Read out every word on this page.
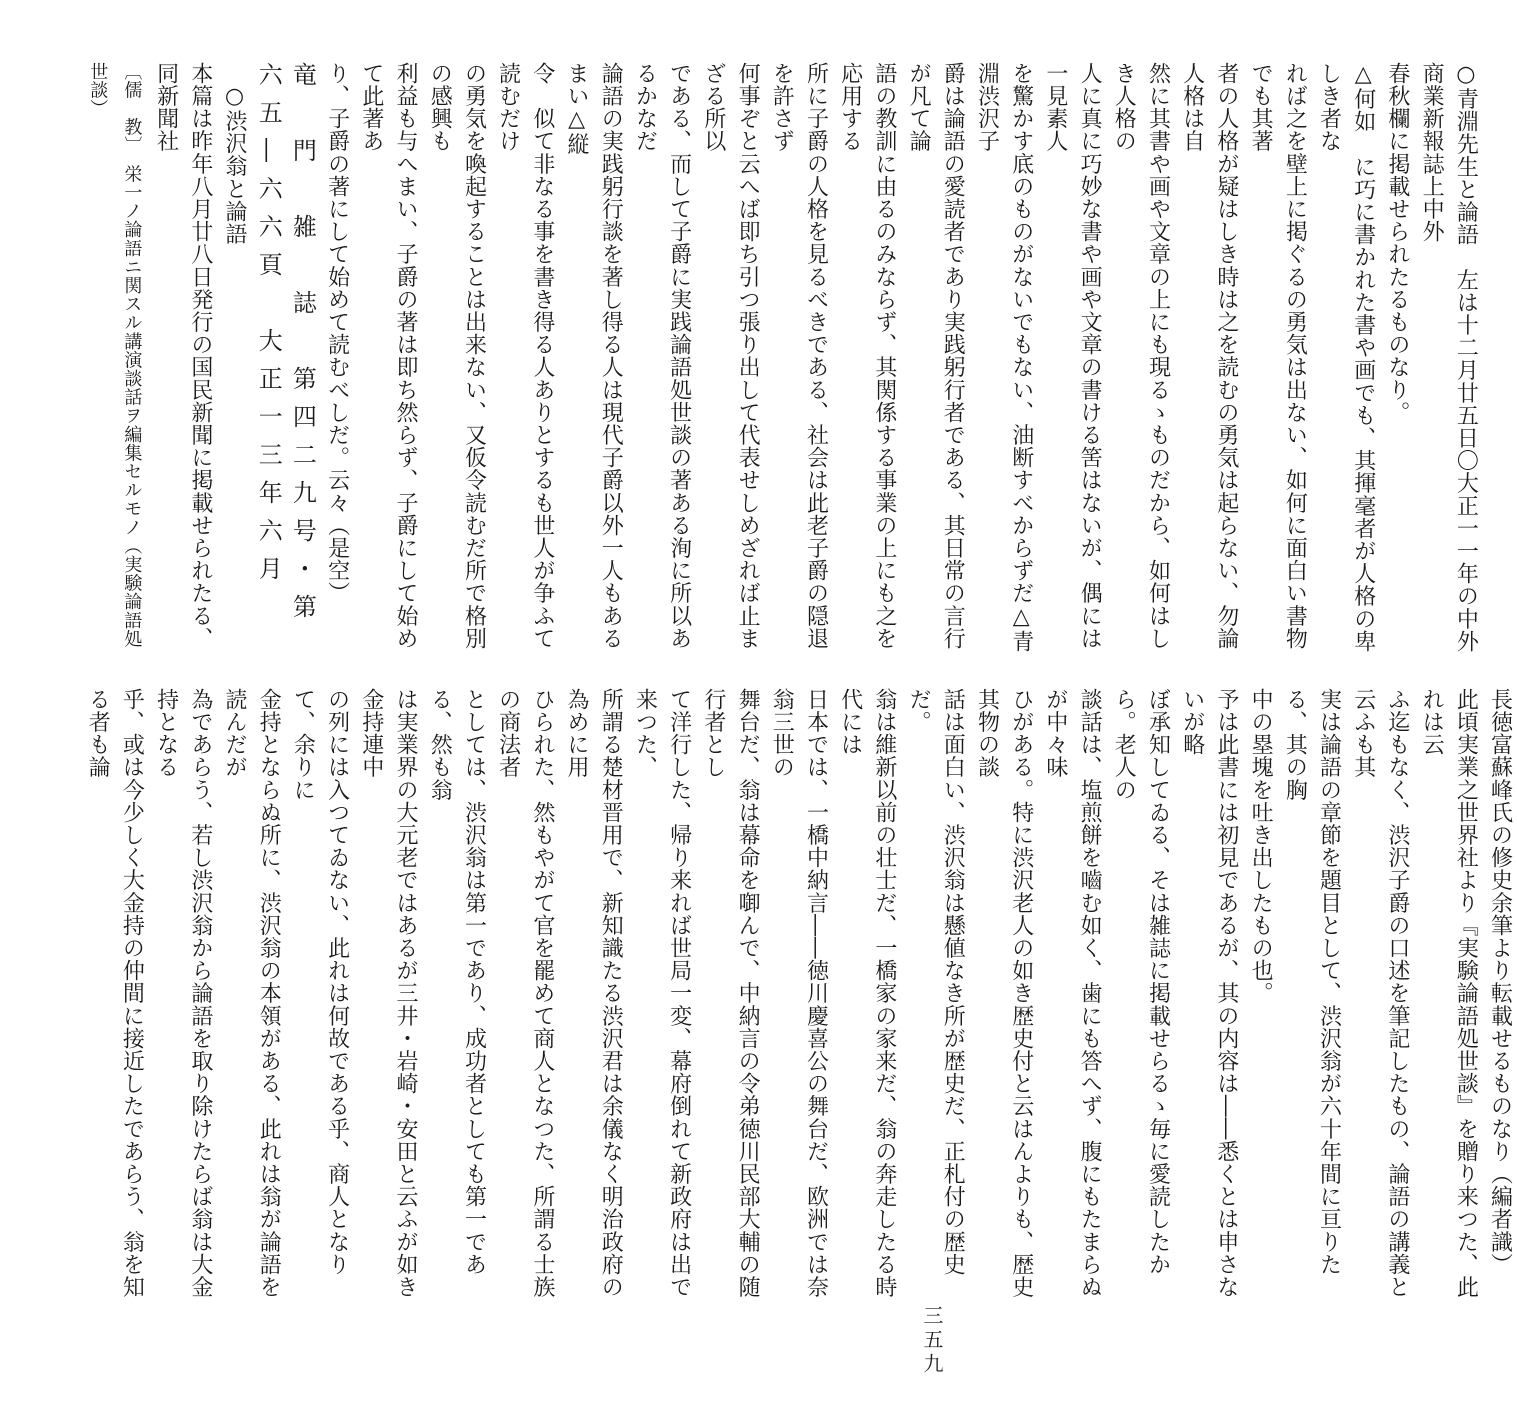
○青淵先生と論語　左は十二月廿五日〇大正一一年の中外商業新報誌上中外
春秋欄に掲載せられたるものなり。
△何如　に巧に書かれた書や画でも、其揮毫者が人格の卑しき者な
れば之を壁上に掲ぐるの勇気は出ない、如何に面白い書物でも其著
者の人格が疑はしき時は之を読むの勇気は起らない、勿論人格は自
然に其書や画や文章の上にも現るゝものだから、如何はしき人格の
人に真に巧妙な書や画や文章の書ける筈はないが、偶には一見素人
を驚かす底のものがないでもない、油断すべからずだ△青淵渋沢子
爵は論語の愛読者であり実践躬行者である、其日常の言行が凡て論
語の教訓に由るのみならず、其関係する事業の上にも之を応用する
所に子爵の人格を見るべきである、社会は此老子爵の隠退を許さず
何事ぞと云へば即ち引つ張り出して代表せしめざれば止まざる所以
である、而して子爵に実践論語処世談の著ある洵に所以あるかなだ
論語の実践躬行談を著し得る人は現代子爵以外一人もあるまい△縦
令　似て非なる事を書き得る人ありとするも世人が争ふて読むだけ
の勇気を喚起することは出来ない、又仮令読むだ所で格別の感興も
利益も与へまい、子爵の著は即ち然らず、子爵にして始めて此著あ
り、子爵の著にして始めて読むべしだ。云々（是空）
竜　門　雑　誌　第四二九号・第六五―六六頁　大正一三年六月
○渋沢翁と論語
本篇は昨年八月廿八日発行の国民新聞に掲載せられたる、同新聞社
〔儒　教〕　栄一ノ論語ニ関スル講演談話ヲ編集セルモノ（実験論語処世談）
長徳富蘇峰氏の修史余筆より転載せるものなり（編者識）
此頃実業之世界社より『実験論語処世談』を贈り来つた、此れは云
ふ迄もなく、渋沢子爵の口述を筆記したもの、論語の講義と云ふも其
実は論語の章節を題目として、渋沢翁が六十年間に亘りたる、其の胸
中の塁塊を吐き出したもの也。
予は此書には初見であるが、其の内容は――悉くとは申さないが略
ぼ承知してゐる、そは雑誌に掲載せらるゝ毎に愛読したから。老人の
談話は、塩煎餅を嚙む如く、歯にも答へず、腹にもたまらぬが中々味
ひがある。特に渋沢老人の如き歴史付と云はんよりも、歴史其物の談
話は面白い、渋沢翁は懸値なき所が歴史だ、正札付の歴史だ。
翁は維新以前の壮士だ、一橋家の家来だ、翁の奔走したる時代には
日本では、一橋中納言――徳川慶喜公の舞台だ、欧洲では奈翁三世の
舞台だ、翁は幕命を啣んで、中納言の令弟徳川民部大輔の随行者とし
て洋行した、帰り来れば世局一変、幕府倒れて新政府は出で来つた、
所謂る楚材晋用で、新知識たる渋沢君は余儀なく明治政府の為めに用
ひられた、然もやがて官を罷めて商人となつた、所謂る士族の商法者
としては、渋沢翁は第一であり、成功者としても第一である、然も翁
は実業界の大元老ではあるが三井・岩崎・安田と云ふが如き金持連中
の列には入つてゐない、此れは何故である乎、商人となりて、余りに
金持とならぬ所に、渋沢翁の本領がある、此れは翁が論語を読んだが
為であらう、若し渋沢翁から論語を取り除けたらば翁は大金持となる
乎、或は今少しく大金持の仲間に接近したであらう、翁を知る者も論
三五九
